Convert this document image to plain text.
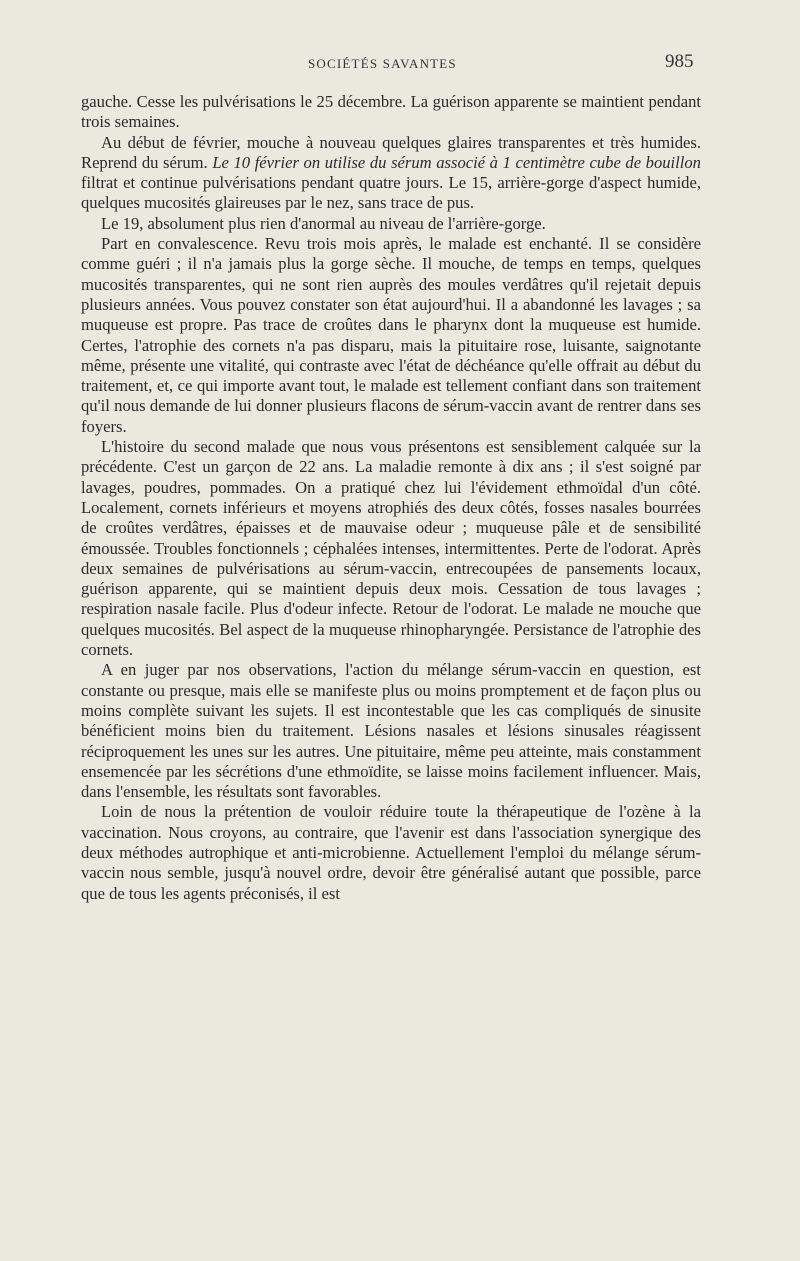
SOCIÉTÉS SAVANTES	985

gauche. Cesse les pulvérisations le 25 décembre. La guérison apparente se maintient pendant trois semaines.

Au début de février, mouche à nouveau quelques glaires transparentes et très humides. Reprend du sérum. Le 10 février on utilise du sérum associé à 1 centimètre cube de bouillon filtrat et continue pulvérisations pendant quatre jours. Le 15, arrière-gorge d'aspect humide, quelques mucosités glaireuses par le nez, sans trace de pus.

Le 19, absolument plus rien d'anormal au niveau de l'arrière-gorge.

Part en convalescence. Revu trois mois après, le malade est enchanté. Il se considère comme guéri ; il n'a jamais plus la gorge sèche. Il mouche, de temps en temps, quelques mucosités transparentes, qui ne sont rien auprès des moules verdâtres qu'il rejetait depuis plusieurs années. Vous pouvez constater son état aujourd'hui. Il a abandonné les lavages ; sa muqueuse est propre. Pas trace de croûtes dans le pharynx dont la muqueuse est humide. Certes, l'atrophie des cornets n'a pas disparu, mais la pituitaire rose, luisante, saignotante même, présente une vitalité, qui contraste avec l'état de déchéance qu'elle offrait au début du traitement, et, ce qui importe avant tout, le malade est tellement confiant dans son traitement qu'il nous demande de lui donner plusieurs flacons de sérum-vaccin avant de rentrer dans ses foyers.

L'histoire du second malade que nous vous présentons est sensiblement calquée sur la précédente. C'est un garçon de 22 ans. La maladie remonte à dix ans ; il s'est soigné par lavages, poudres, pommades. On a pratiqué chez lui l'évidement ethmoïdal d'un côté. Localement, cornets inférieurs et moyens atrophiés des deux côtés, fosses nasales bourrées de croûtes verdâtres, épaisses et de mauvaise odeur ; muqueuse pâle et de sensibilité émoussée. Troubles fonctionnels ; céphalées intenses, intermittentes. Perte de l'odorat. Après deux semaines de pulvérisations au sérum-vaccin, entrecoupées de pansements locaux, guérison apparente, qui se maintient depuis deux mois. Cessation de tous lavages ; respiration nasale facile. Plus d'odeur infecte. Retour de l'odorat. Le malade ne mouche que quelques mucosités. Bel aspect de la muqueuse rhinopharyngée. Persistance de l'atrophie des cornets.

A en juger par nos observations, l'action du mélange sérum-vaccin en question, est constante ou presque, mais elle se manifeste plus ou moins promptement et de façon plus ou moins complète suivant les sujets. Il est incontestable que les cas compliqués de sinusite bénéficient moins bien du traitement. Lésions nasales et lésions sinusales réagissent réciproquement les unes sur les autres. Une pituitaire, même peu atteinte, mais constamment ensemencée par les sécrétions d'une ethmoïdite, se laisse moins facilement influencer. Mais, dans l'ensemble, les résultats sont favorables.

Loin de nous la prétention de vouloir réduire toute la thérapeutique de l'ozène à la vaccination. Nous croyons, au contraire, que l'avenir est dans l'association synergique des deux méthodes autrophique et anti-microbienne. Actuellement l'emploi du mélange sérum-vaccin nous semble, jusqu'à nouvel ordre, devoir être généralisé autant que possible, parce que de tous les agents préconisés, il est
